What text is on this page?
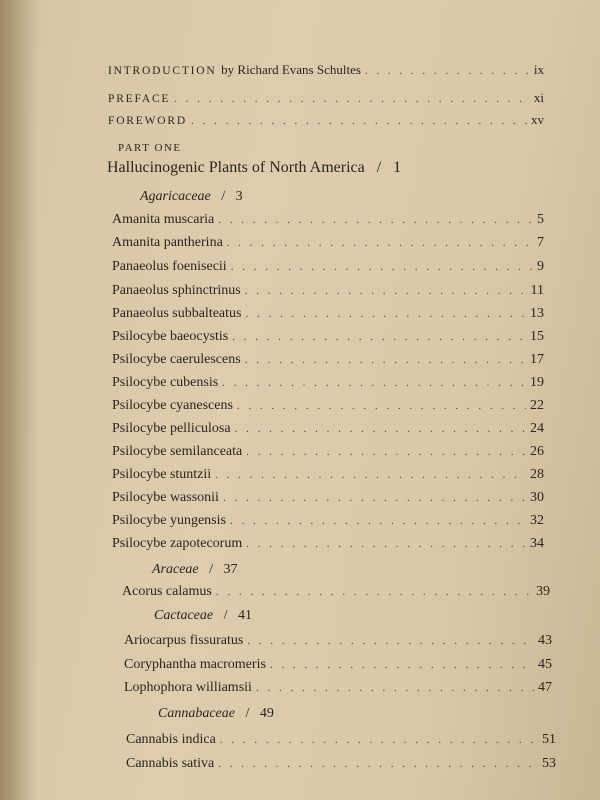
INTRODUCTION by Richard Evans Schultes . . .	ix
PREFACE . . .	xi
FOREWORD . . .	xv
PART ONE
Hallucinogenic Plants of North America / 1
Agaricaceae / 3
Amanita muscaria . . .	5
Amanita pantherina . . .	7
Panaeolus foenisecii . . .	9
Panaeolus sphinctrinus . . .	11
Panaeolus subbalteatus . . .	13
Psilocybe baeocystis . . .	15
Psilocybe caerulescens . . .	17
Psilocybe cubensis . . .	19
Psilocybe cyanescens . . .	22
Psilocybe pelliculosa . . .	24
Psilocybe semilanceata . . .	26
Psilocybe stuntzii . . .	28
Psilocybe wassonii . . .	30
Psilocybe yungensis . . .	32
Psilocybe zapotecorum . . .	34
Araceae / 37
Acorus calamus . . .	39
Cactaceae / 41
Ariocarpus fissuratus . . .	43
Coryphantha macromeris . . .	45
Lophophora williamsii . . .	47
Cannabaceae / 49
Cannabis indica . . .	51
Cannabis sativa . . .	53
